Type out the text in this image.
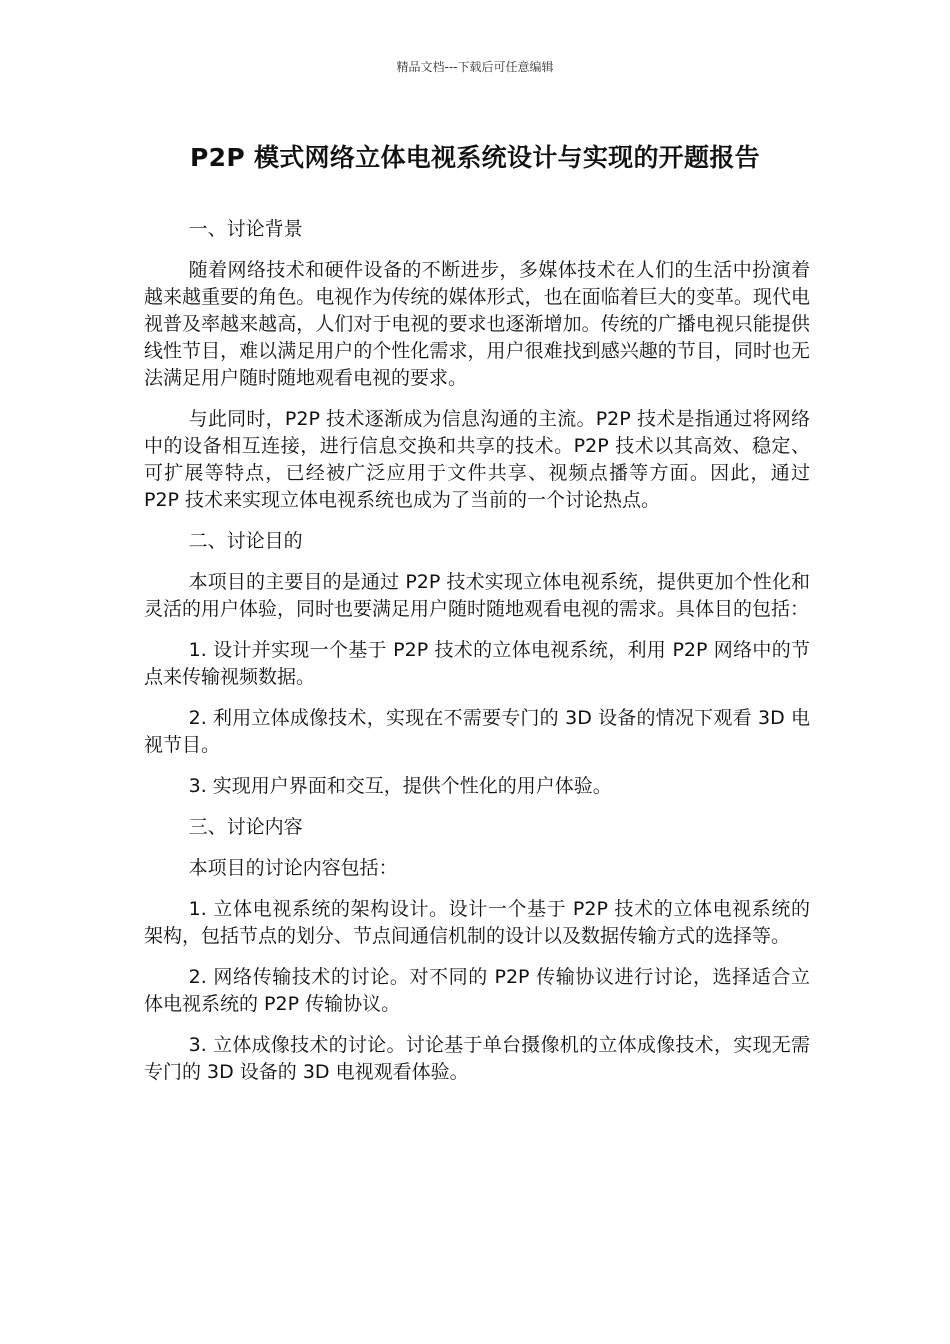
精品文档---下载后可任意编辑
P2P 模式网络立体电视系统设计与实现的开题报告

一、讨论背景

随着网络技术和硬件设备的不断进步，多媒体技术在人们的生活中扮演着越来越重要的角色。电视作为传统的媒体形式，也在面临着巨大的变革。现代电视普及率越来越高，人们对于电视的要求也逐渐增加。传统的广播电视只能提供线性节目，难以满足用户的个性化需求，用户很难找到感兴趣的节目，同时也无法满足用户随时随地观看电视的要求。

与此同时，P2P 技术逐渐成为信息沟通的主流。P2P 技术是指通过将网络中的设备相互连接，进行信息交换和共享的技术。P2P 技术以其高效、稳定、可扩展等特点，已经被广泛应用于文件共享、视频点播等方面。因此，通过 P2P 技术来实现立体电视系统也成为了当前的一个讨论热点。

二、讨论目的

本项目的主要目的是通过 P2P 技术实现立体电视系统，提供更加个性化和灵活的用户体验，同时也要满足用户随时随地观看电视的需求。具体目的包括：

1. 设计并实现一个基于 P2P 技术的立体电视系统，利用 P2P 网络中的节点来传输视频数据。

2. 利用立体成像技术，实现在不需要专门的 3D 设备的情况下观看 3D 电视节目。

3. 实现用户界面和交互，提供个性化的用户体验。

三、讨论内容

本项目的讨论内容包括：

1. 立体电视系统的架构设计。设计一个基于 P2P 技术的立体电视系统的架构，包括节点的划分、节点间通信机制的设计以及数据传输方式的选择等。

2. 网络传输技术的讨论。对不同的 P2P 传输协议进行讨论，选择适合立体电视系统的 P2P 传输协议。

3. 立体成像技术的讨论。讨论基于单台摄像机的立体成像技术，实现无需专门的 3D 设备的 3D 电视观看体验。
